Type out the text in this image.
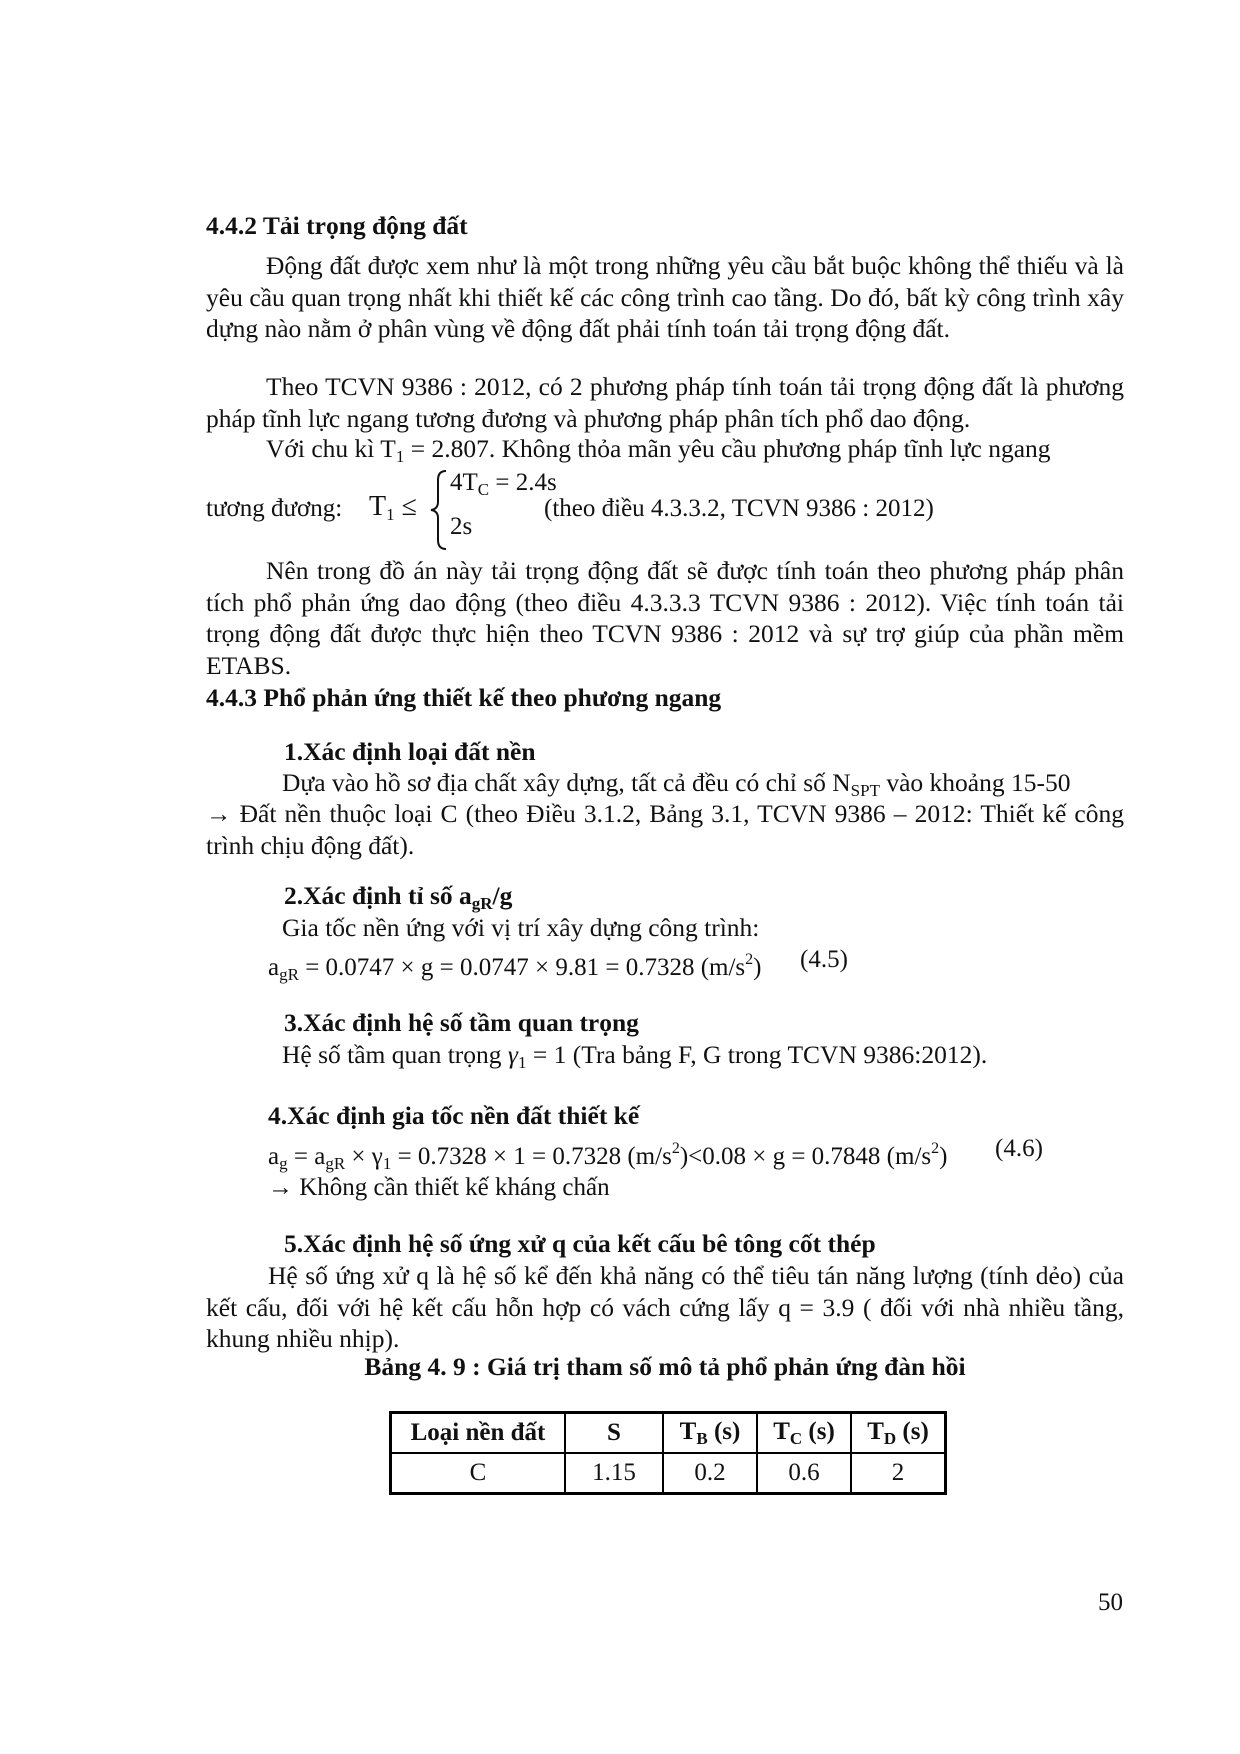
4.4.2 Tải trọng động đất
Động đất được xem như là một trong những yêu cầu bắt buộc không thể thiếu và là yêu cầu quan trọng nhất khi thiết kế các công trình cao tầng. Do đó, bất kỳ công trình xây dựng nào nằm ở phân vùng về động đất phải tính toán tải trọng động đất.
Theo TCVN 9386 : 2012, có 2 phương pháp tính toán tải trọng động đất là phương pháp tĩnh lực ngang tương đương và phương pháp phân tích phổ dao động.
Với chu kì $T_1 = 2.807$. Không thỏa mãn yêu cầu phương pháp tĩnh lực ngang
tương đương: $T_1$ ≤
$4T_C = 2.4s$
2s
(theo điều 4.3.3.2, TCVN 9386 : 2012)
Nên trong đồ án này tải trọng động đất sẽ được tính toán theo phương pháp phân tích phổ phản ứng dao động (theo điều 4.3.3.3 TCVN 9386 : 2012). Việc tính toán tải trọng động đất được thực hiện theo TCVN 9386 : 2012 và sự trợ giúp của phần mềm ETABS.
4.4.3 Phổ phản ứng thiết kế theo phương ngang
1.Xác định loại đất nền
Dựa vào hồ sơ địa chất xây dựng, tất cả đều có chỉ số $N_{SPT}$ vào khoảng 15-50
→ Đất nền thuộc loại C (theo Điều 3.1.2, Bảng 3.1, TCVN 9386 – 2012: Thiết kế công trình chịu động đất).
2.Xác định tỉ số $a_{gR}/g$
Gia tốc nền ứng với vị trí xây dựng công trình:
$a_{gR} = 0.0747 \times g = 0.0747 \times 9.81 = 0.7328$ $(m/s^2)$ (4.5)
3.Xác định hệ số tầm quan trọng
Hệ số tầm quan trọng $\gamma_1 = 1$ (Tra bảng F, G trong TCVN 9386:2012).
4.Xác định gia tốc nền đất thiết kế
$a_g = a_{gR} \times \gamma_1 = 0.7328 \times 1 = 0.7328$ $(m/s^2)<0.08 \times g = 0.7848$ $(m/s^2)$ (4.6)
→ Không cần thiết kế kháng chấn
5.Xác định hệ số ứng xử q của kết cấu bê tông cốt thép
Hệ số ứng xử q là hệ số kể đến khả năng có thể tiêu tán năng lượng (tính dẻo) của kết cấu, đối với hệ kết cấu hỗn hợp có vách cứng lấy q = 3.9 ( đối với nhà nhiều tầng, khung nhiều nhịp).
Bảng 4. 9 : Giá trị tham số mô tả phổ phản ứng đàn hồi
Loại nền đất	S	$T_B$ (s)	$T_C$ (s)	$T_D$ (s)
C	1.15	0.2	0.6	2
50
